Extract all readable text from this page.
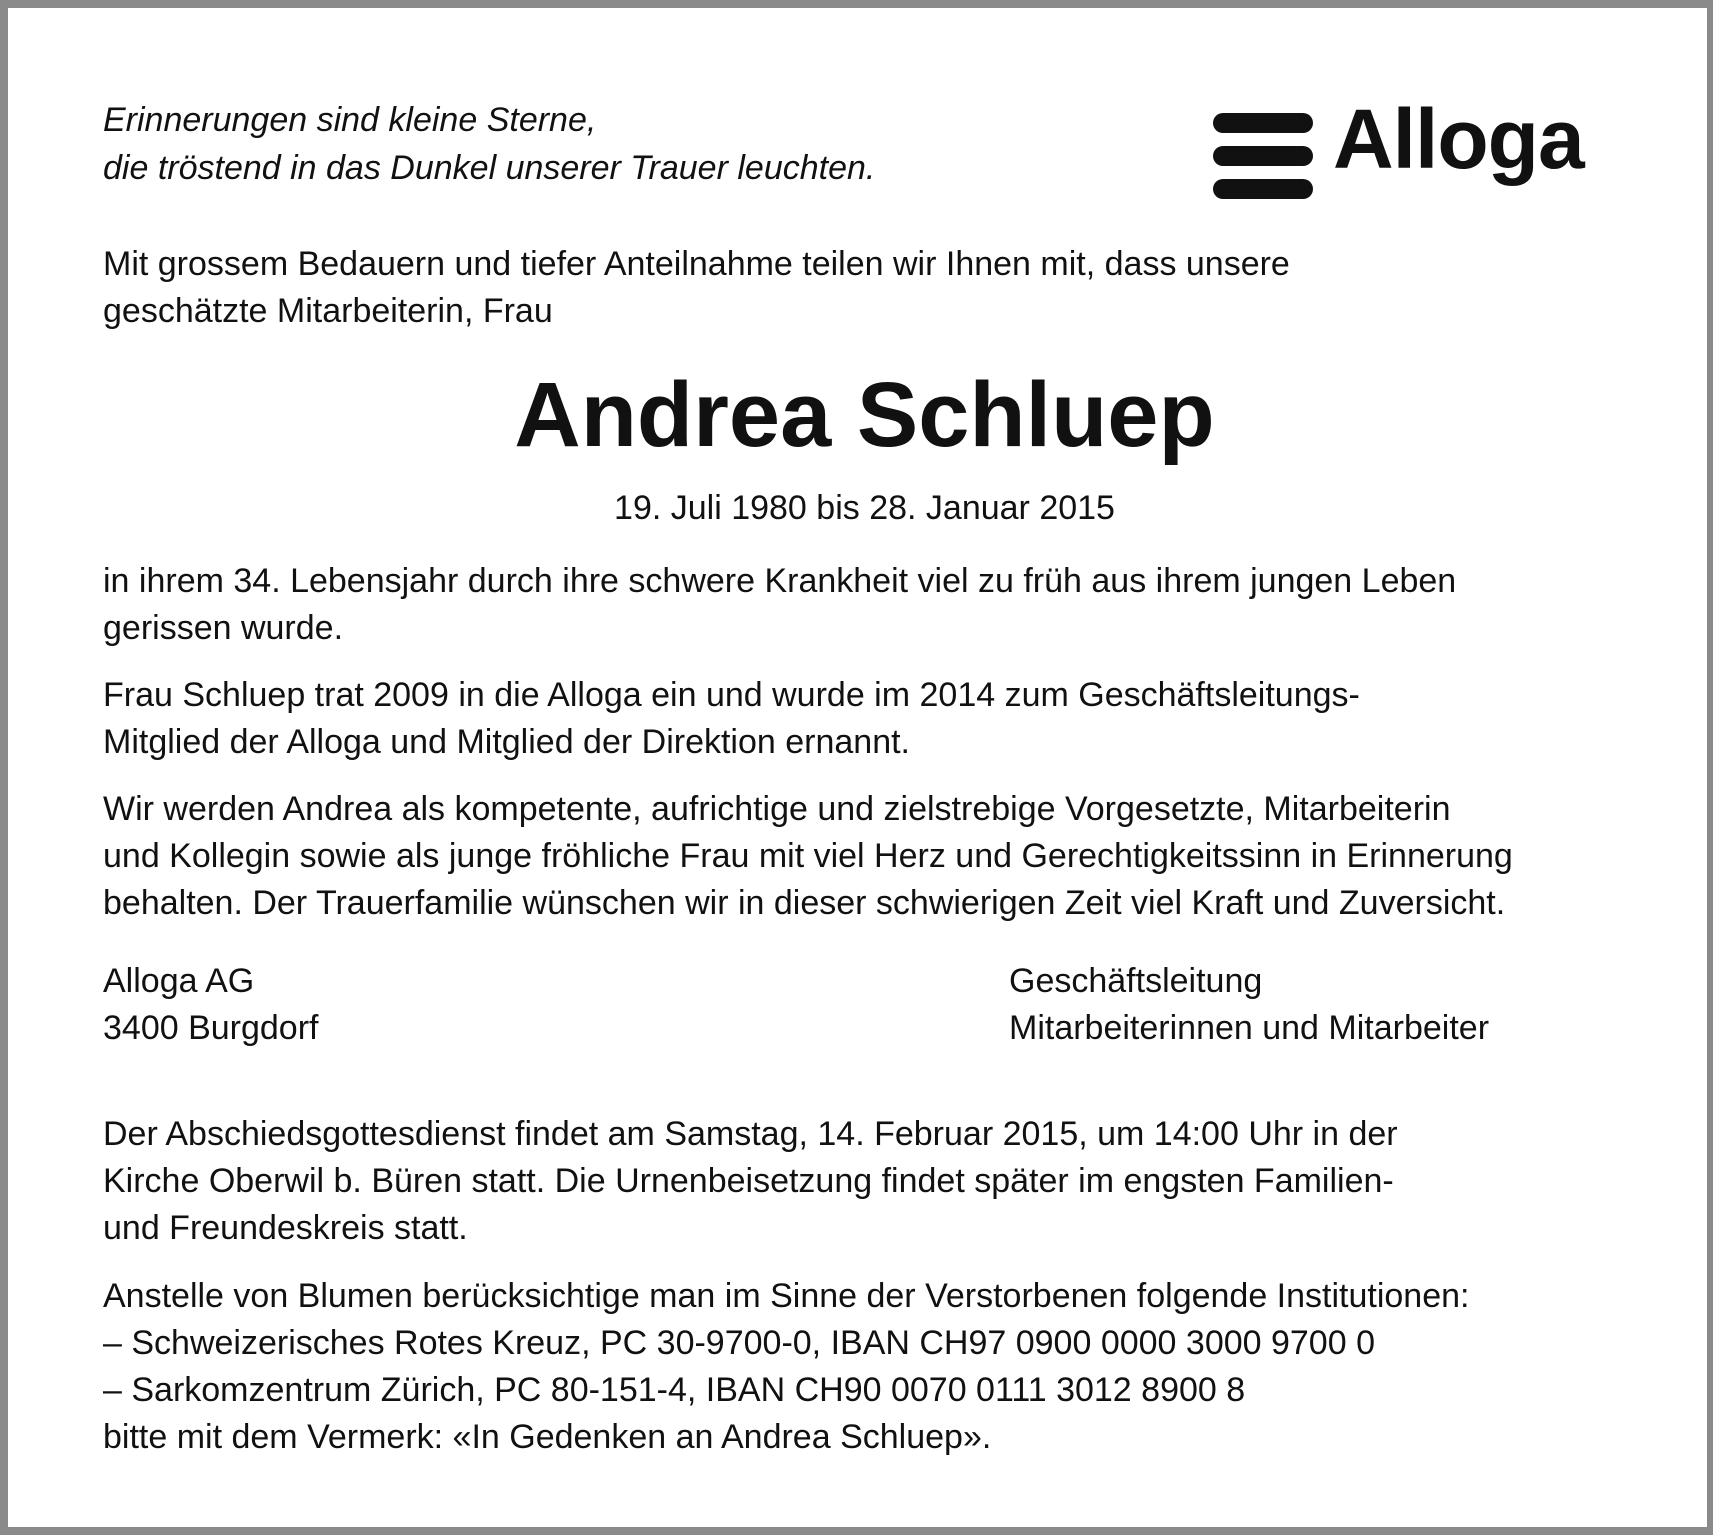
Erinnerungen sind kleine Sterne,
die tröstend in das Dunkel unserer Trauer leuchten.	Alloga
Mit grossem Bedauern und tiefer Anteilnahme teilen wir Ihnen mit, dass unsere
geschätzte Mitarbeiterin, Frau
Andrea Schluep
19. Juli 1980 bis 28. Januar 2015
in ihrem 34. Lebensjahr durch ihre schwere Krankheit viel zu früh aus ihrem jungen Leben
gerissen wurde.
Frau Schluep trat 2009 in die Alloga ein und wurde im 2014 zum Geschäftsleitungs-
Mitglied der Alloga und Mitglied der Direktion ernannt.
Wir werden Andrea als kompetente, aufrichtige und zielstrebige Vorgesetzte, Mitarbeiterin
und Kollegin sowie als junge fröhliche Frau mit viel Herz und Gerechtigkeitssinn in Erinnerung
behalten. Der Trauerfamilie wünschen wir in dieser schwierigen Zeit viel Kraft und Zuversicht.
Alloga AG
3400 Burgdorf
Geschäftsleitung
Mitarbeiterinnen und Mitarbeiter
Der Abschiedsgottesdienst findet am Samstag, 14. Februar 2015, um 14:00 Uhr in der
Kirche Oberwil b. Büren statt. Die Urnenbeisetzung findet später im engsten Familien-
und Freundeskreis statt.
Anstelle von Blumen berücksichtige man im Sinne der Verstorbenen folgende Institutionen:
– Schweizerisches Rotes Kreuz, PC 30-9700-0, IBAN CH97 0900 0000 3000 9700 0
– Sarkomzentrum Zürich, PC 80-151-4, IBAN CH90 0070 0111 3012 8900 8
bitte mit dem Vermerk: «In Gedenken an Andrea Schluep».
